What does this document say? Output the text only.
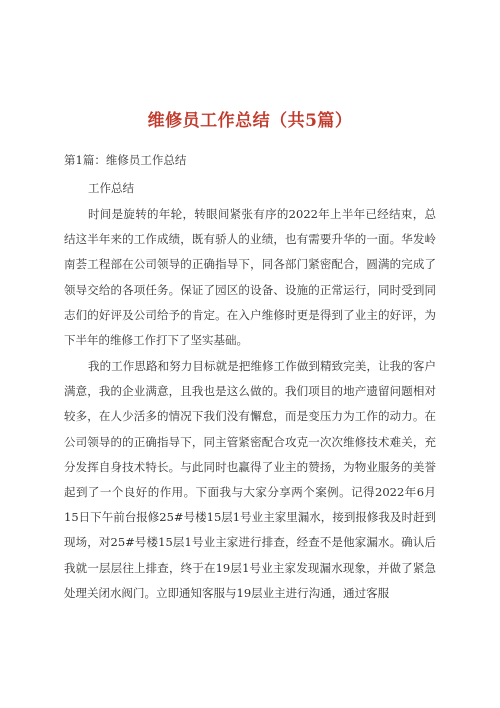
维修员工作总结（共5篇）
第1篇：维修员工作总结
工作总结

时间是旋转的年轮，转眼间紧张有序的2022年上半年已经结束，总结这半年来的工作成绩，既有骄人的业绩，也有需要升华的一面。华发岭南荟工程部在公司领导的正确指导下，同各部门紧密配合，圆满的完成了领导交给的各项任务。保证了园区的设备、设施的正常运行，同时受到同志们的好评及公司给予的肯定。在入户维修时更是得到了业主的好评，为下半年的维修工作打下了坚实基础。

我的工作思路和努力目标就是把维修工作做到精致完美，让我的客户满意，我的企业满意，且我也是这么做的。我们项目的地产遗留问题相对较多，在人少活多的情况下我们没有懈怠，而是变压力为工作的动力。在公司领导的的正确指导下，同主管紧密配合攻克一次次维修技术难关，充分发挥自身技术特长。与此同时也赢得了业主的赞扬，为物业服务的美誉起到了一个良好的作用。下面我与大家分享两个案例。记得2022年6月15日下午前台报修25#号楼15层1号业主家里漏水，接到报修我及时赶到现场，对25#号楼15层1号业主家进行排查，经查不是他家漏水。确认后我就一层层往上排查，终于在19层1号业主家发现漏水现象，并做了紧急处理关闭水阀门。立即通知客服与19层业主进行沟通，通过客服
